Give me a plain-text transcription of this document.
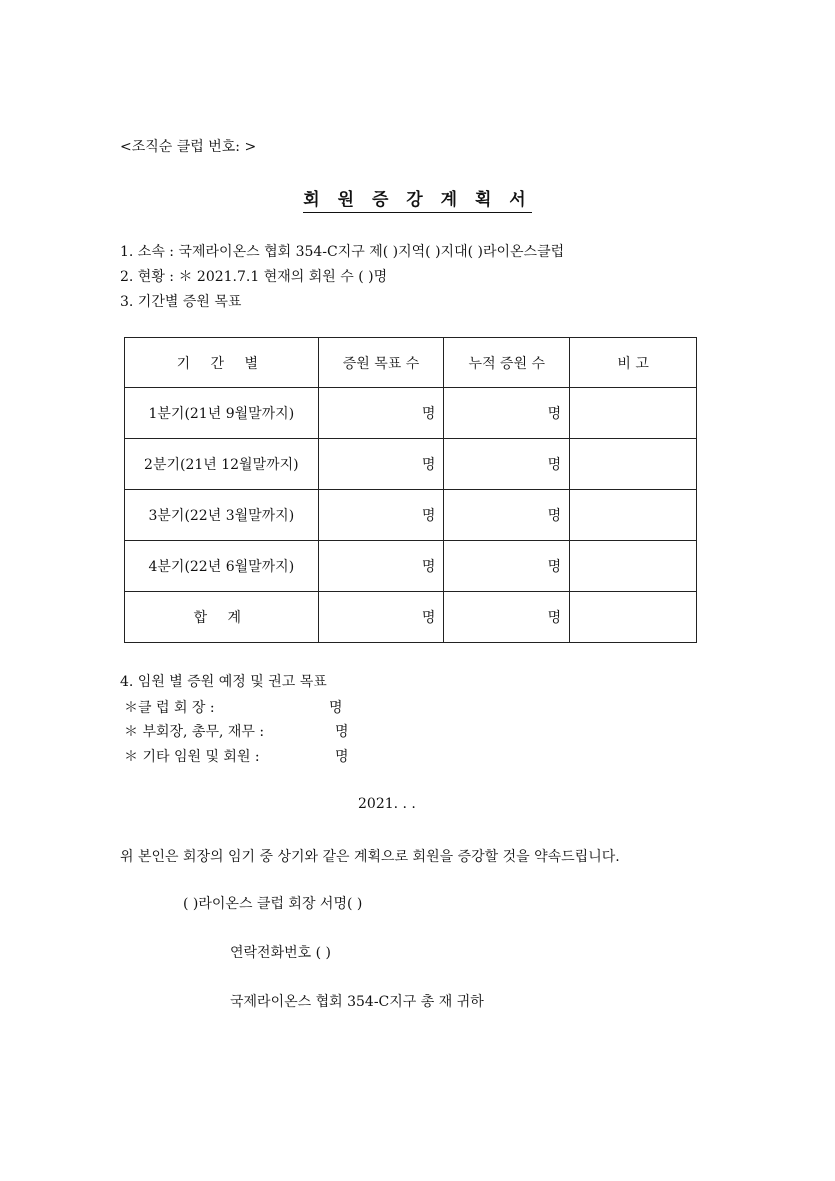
<조직순 클럽 번호: >
회 원 증 강 계 획 서
1. 소속 : 국제라이온스 협회 354-C지구 제( )지역( )지대( )라이온스클럽
2. 현황 : ＊ 2021.7.1 현재의 회원 수 ( )명
3. 기간별 증원 목표
기 간 별	증원 목표 수	누적 증원 수	비 고
1분기(21년 9월말까지)	명	명	
2분기(21년 12월말까지)	명	명	
3분기(22년 3월말까지)	명	명	
4분기(22년 6월말까지)	명	명	
합 계	명	명	
4. 임원 별 증원 예정 및 권고 목표
＊클 럽 회 장 :	명
＊ 부회장, 총무, 재무 :	명
＊ 기타 임원 및 회원 :	명
2021. . .
위 본인은 회장의 임기 중 상기와 같은 계획으로 회원을 증강할 것을 약속드립니다.
( )라이온스 클럽 회장 서명( )
연락전화번호 ( )
국제라이온스 협회 354-C지구 총 재 귀하
